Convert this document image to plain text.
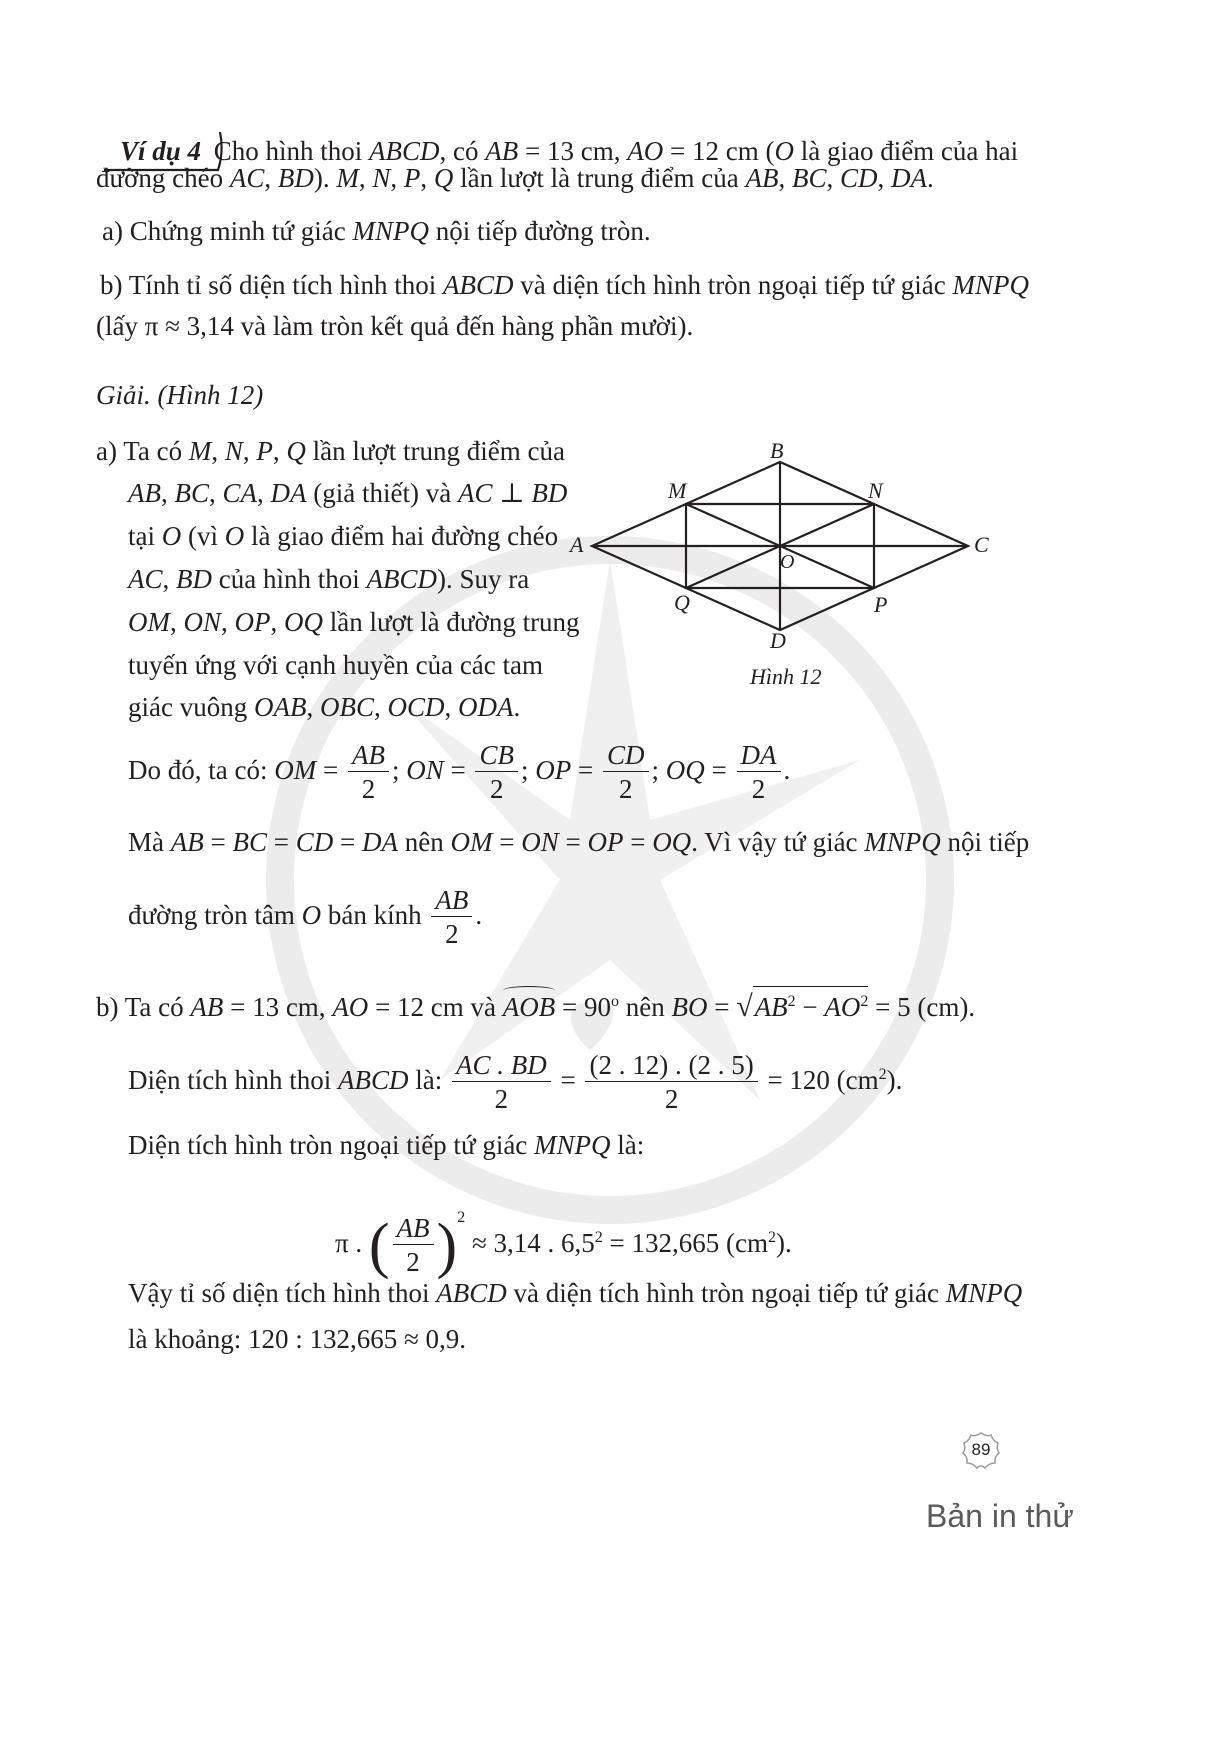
Ví dụ 4 Cho hình thoi ABCD, có AB = 13 cm, AO = 12 cm (O là giao điểm của hai
đường chéo AC, BD). M, N, P, Q lần lượt là trung điểm của AB, BC, CD, DA.
a) Chứng minh tứ giác MNPQ nội tiếp đường tròn.
b) Tính tỉ số diện tích hình thoi ABCD và diện tích hình tròn ngoại tiếp tứ giác MNPQ
(lấy π ≈ 3,14 và làm tròn kết quả đến hàng phần mười).
Giải. (Hình 12)
a) Ta có M, N, P, Q lần lượt trung điểm của
AB, BC, CA, DA (giả thiết) và AC ⊥ BD
tại O (vì O là giao điểm hai đường chéo
AC, BD của hình thoi ABCD). Suy ra
OM, ON, OP, OQ lần lượt là đường trung
tuyến ứng với cạnh huyền của các tam
giác vuông OAB, OBC, OCD, ODA.
Do đó, ta có: OM = $\frac{AB}{2}$ ; ON = $\frac{CB}{2}$ ; OP = $\frac{CD}{2}$ ; OQ = $\frac{DA}{2}$ .
Mà AB = BC = CD = DA nên OM = ON = OP = OQ. Vì vậy tứ giác MNPQ nội tiếp
đường tròn tâm O bán kính $\frac{AB}{2}$ .
b) Ta có AB = 13 cm, AO = 12 cm và AOB = $90^o$ nên BO = $√AB^2 - AO^2 = 5$ (cm).
Diện tích hình thoi ABCD là: $\frac{AC . BD}{2} = \frac{(2 . 12) . (2 . 5)}{2} = 120$ $(cm^2)$.
Diện tích hình tròn ngoại tiếp tứ giác MNPQ là:
π . ( $\frac{AB}{2} )^2 \approx 3,14$ . $6,5^2 = 132,665$ $(cm^2)$.
Vậy tỉ số diện tích hình thoi ABCD và diện tích hình tròn ngoại tiếp tứ giác MNPQ
là khoảng: 120 : 132,665 ≈ 0,9.
A
B
C
D
M	N
P
Q
O
Hình 12
89
Bản in thử
